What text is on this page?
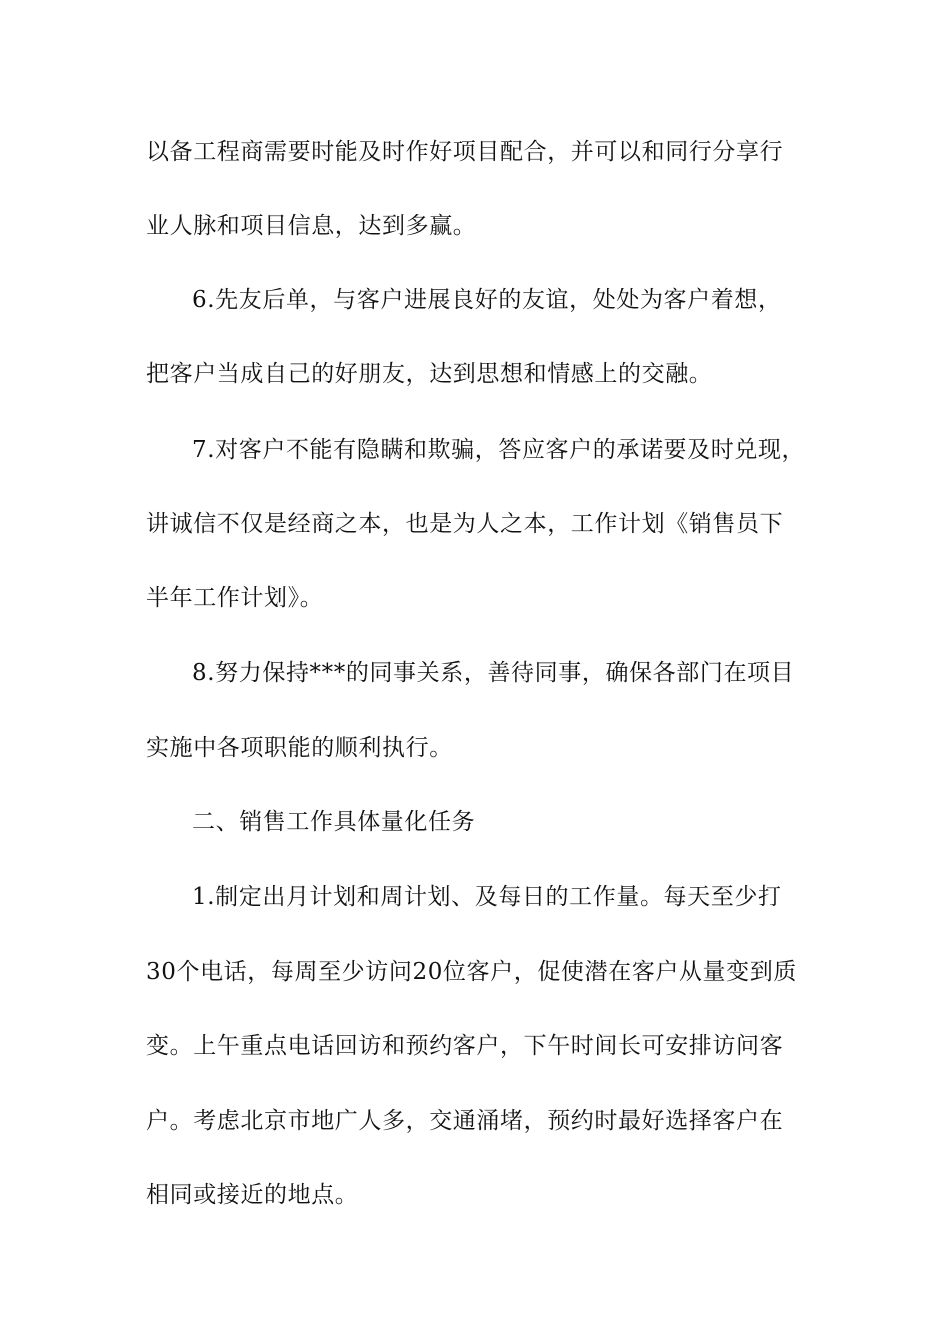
以备工程商需要时能及时作好项目配合，并可以和同行分享行
业人脉和项目信息，达到多赢。
6.先友后单，与客户进展良好的友谊，处处为客户着想，
把客户当成自己的好朋友，达到思想和情感上的交融。
7.对客户不能有隐瞒和欺骗，答应客户的承诺要及时兑现，
讲诚信不仅是经商之本，也是为人之本，工作计划《销售员下
半年工作计划》。
8.努力保持***的同事关系，善待同事，确保各部门在项目
实施中各项职能的顺利执行。
二、销售工作具体量化任务
1.制定出月计划和周计划、及每日的工作量。每天至少打
30个电话，每周至少访问20位客户，促使潜在客户从量变到质
变。上午重点电话回访和预约客户，下午时间长可安排访问客
户。考虑北京市地广人多，交通涌堵，预约时最好选择客户在
相同或接近的地点。
